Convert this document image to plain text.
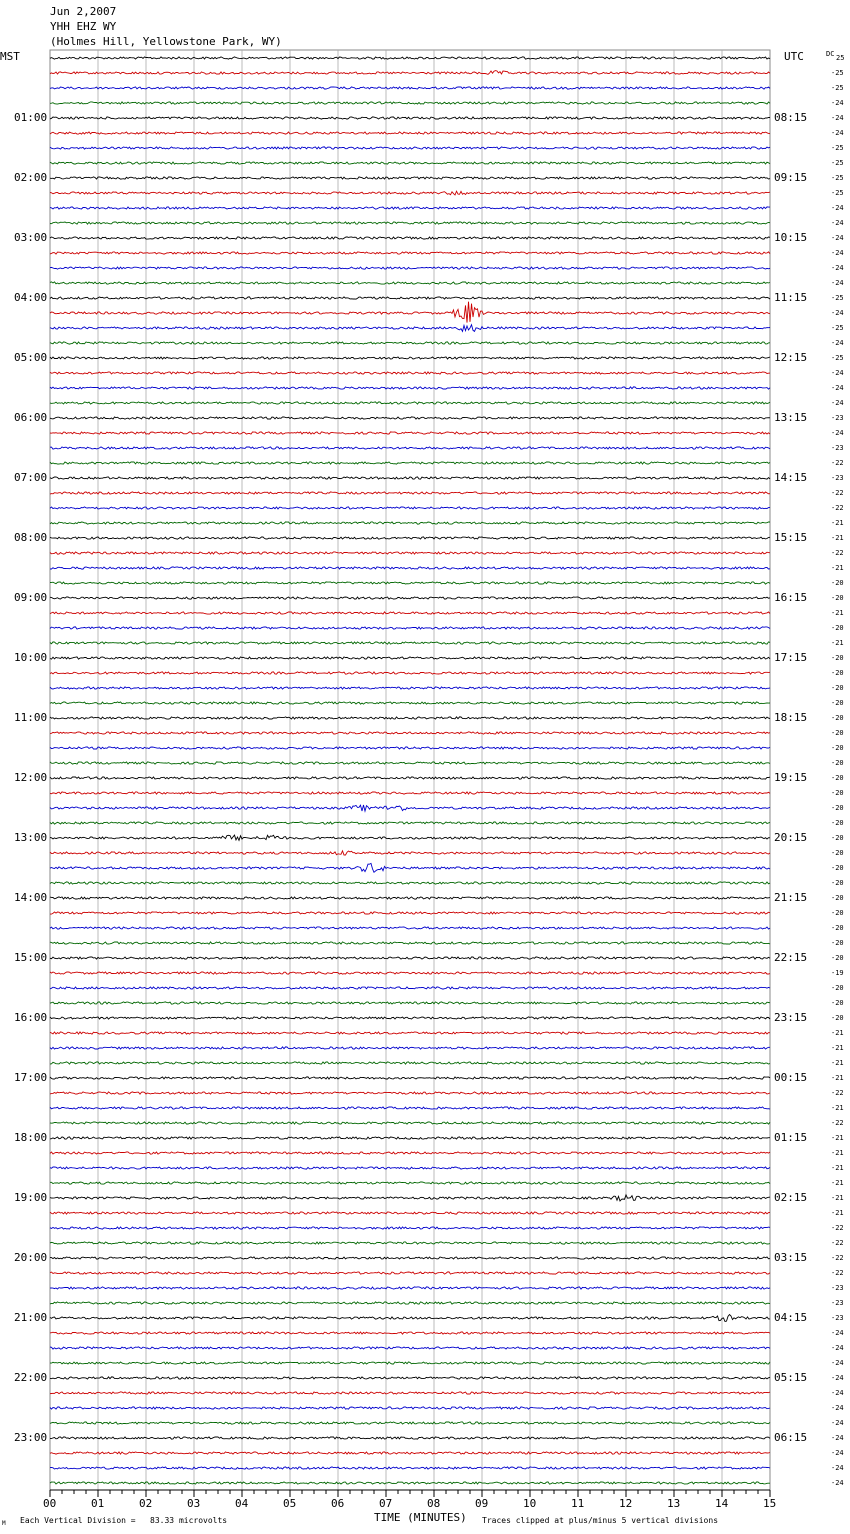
Jun 2,2007
YHH EHZ WY
(Holmes Hill, Yellowstone Park, WY)
MST	UTC	DC
00	01	02	03	04	05	06	07	08	09	10	11	12	13	14	15
01:00
02:00
03:00
04:00
05:00
06:00
07:00
08:00
09:00
10:00
11:00
12:00
13:00
14:00
15:00
16:00
17:00
18:00
19:00
20:00
21:00
22:00
23:00
08:15
09:15
10:15
11:15
12:15
13:15
14:15
15:15
16:15
17:15
18:15
19:15
20:15
21:15
22:15
23:15
00:15
01:15
02:15
03:15
04:15
05:15
06:15
25
-25
-25
-24
-24
-24
-25
-25
-25
-25
-24
-24
-24
-24
-24
-24
-25
-24
-25
-24
-25
-24
-24
-24
-23
-24
-23
-22
-23
-22
-22
-21
-21
-22
-21
-20
-20
-21
-20
-21
-20
-20
-20
-20
-20
-20
-20
-20
-20
-20
-20
-20
-20
-20
-20
-20
-20
-20
-20
-20
-20
-19
-20
-20
-20
-21
-21
-21
-21
-22
-21
-22
-21
-21
-21
-21
-21
-21
-22
-22
-22
-22
-23
-23
-23
-24
-24
-24
-24
-24
-24
-24
-24
-24
-24
-24
TIME (MINUTES)
Each Vertical Division =   83.33 microvolts	Traces clipped at plus/minus 5 vertical divisions
M
